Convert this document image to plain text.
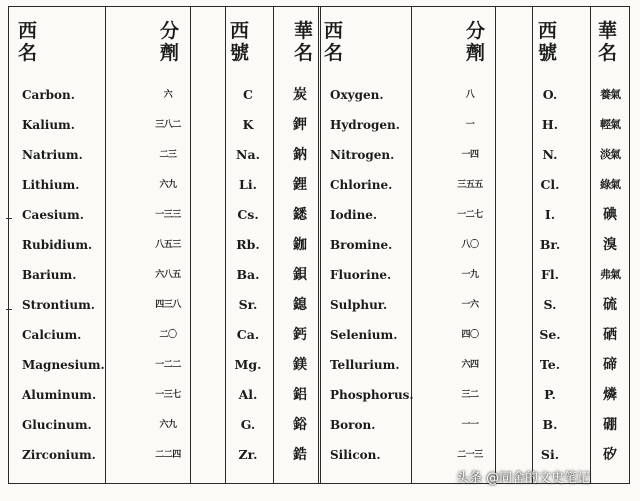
西名
分劑
西號
華名
西名
分劑
西號
華名
Carbon.
Kalium.
Natrium.
Lithium.
Caesium.
Rubidium.
Barium.
Strontium.
Calcium.
Magnesium.
Aluminum.
Glucinum.
Zirconium.
六
三八二
二三
六九
一三三
八五三
六八五
四三八
二〇
一二二
一三七
六九
二二四
C
K
Na.
Li.
Cs.
Rb.
Ba.
Sr.
Ca.
Mg.
Al.
G.
Zr.
炭
鉀
鈉
鋰
鏭
鉫
鋇
鎴
鈣
鎂
鋁
鋊
鋯
Oxygen.
Hydrogen.
Nitrogen.
Chlorine.
Iodine.
Bromine.
Fluorine.
Sulphur.
Selenium.
Tellurium.
Phosphorus.
Boron.
Silicon.
八
一
一四
三五五
一二七
八〇
一九
一六
四〇
六四
三二
一一
二一三
O.
H.
N.
Cl.
I.
Br.
Fl.
S.
Se.
Te.
P.
B.
Si.
養氣
輕氣
淡氣
綠氣
碘
溴
弗氣
硫
硒
碲
燐
硼
矽
头条 @同舍的文史笔记
